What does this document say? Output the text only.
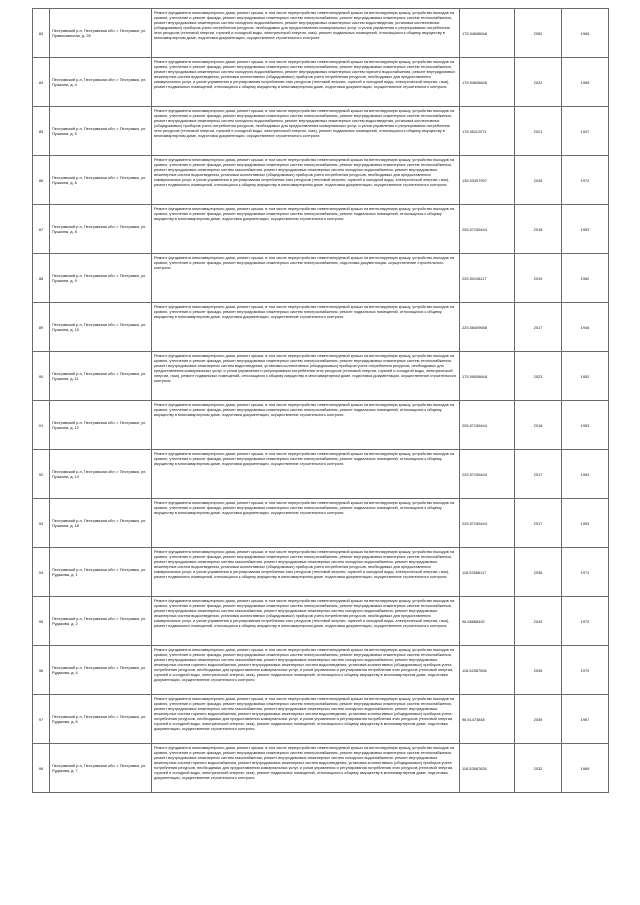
83	Пестравский р-н, Пестравская обл, г. Пестравка, ул. Привокзальная, д. 28	Ремонт фундамента многоквартирного дома, ремонт крыши, в том числе переустройство невентилируемой крыши на вентилируемую крышу, устройство выходов на кровлю, утепление и ремонт фасада, ремонт внутридомовых инженерных систем электроснабжения, ремонт внутридомовых инженерных систем теплоснабжения, ремонт внутридомовых инженерных систем холодного водоснабжения, ремонт внутридомовых инженерных систем водоотведения, установка коллективных (общедомовых) приборов учета потребления ресурсов, необходимых для предоставления коммунальных услуг, и узлов управления и регулирования потребления этих ресурсов (тепловой энергии, горячей и холодной воды, электрической энергии, газа), ремонт подвальных помещений, относящихся к общему имуществу в многоквартирном доме, подготовка документации, осуществление строительного контроля	175.94696848	2052	1965
84	Пестравский р-н, Пестравская обл, г. Пестравка, ул. Пушкина, д. 4	Ремонт фундамента многоквартирного дома, ремонт крыши, в том числе переустройство невентилируемой крыши на вентилируемую крышу, устройство выходов на кровлю, утепление и ремонт фасада, ремонт внутридомовых инженерных систем электроснабжения, ремонт внутридомовых инженерных систем теплоснабжения, ремонт внутридомовых инженерных систем холодного водоснабжения, ремонт внутридомовых инженерных систем горячего водоснабжения, ремонт внутридомовых инженерных систем водоотведения, установка коллективных (общедомовых) приборов учета потребления ресурсов, необходимых для предоставления коммунальных услуг, и узлов управления и регулирования потребления этих ресурсов (тепловой энергии, горячей и холодной воды, электрической энергии, газа), ремонт подвальных помещений, относящихся к общему имуществу в многоквартирном доме, подготовка документации, осуществление строительного контроля	175.94696848	2022	1965
85	Пестравский р-н, Пестравская обл, г. Пестравка, ул. Пушкина, д. 5	Ремонт фундамента многоквартирного дома, ремонт крыши, в том числе переустройство невентилируемой крыши на вентилируемую крышу, устройство выходов на кровлю, утепление и ремонт фасада, ремонт внутридомовых инженерных систем электроснабжения, ремонт внутридомовых инженерных систем теплоснабжения, ремонт внутридомовых инженерных систем холодного водоснабжения, ремонт внутридомовых инженерных систем водоотведения, установка коллективных (общедомовых) приборов учета потребления ресурсов, необходимых для предоставления коммунальных услуг, и узлов управления и регулирования потребления этих ресурсов (тепловой энергии, горячей и холодной воды, электрической энергии, газа), ремонт подвальных помещений, относящихся к общему имуществу в многоквартирном доме, подготовка документации, осуществление строительного контроля	178.55112071	2021	1947
86	Пестравский р-н, Пестравская обл, г. Пестравка, ул. Пушкина, д. 6	Ремонт фундамента многоквартирного дома, ремонт крыши, в том числе переустройство невентилируемой крыши на вентилируемую крышу, устройство выходов на кровлю, утепление и ремонт фасада, ремонт внутридомовых инженерных систем электроснабжения, ремонт внутридомовых инженерных систем теплоснабжения, ремонт внутридомовых инженерных систем газоснабжения, ремонт внутридомовых инженерных систем холодного водоснабжения, ремонт внутридомовых инженерных систем водоотведения, установка коллективных (общедомовых) приборов учета потребления ресурсов, необходимых для предоставления коммунальных услуг, и узлов управления и регулирования потребления этих ресурсов (тепловой энергии, горячей и холодной воды, электрической энергии, газа), ремонт подвальных помещений, относящихся к общему имуществу в многоквартирном доме, подготовка документации, осуществление строительного контроля	135.53397997	2028	1972
87	Пестравский р-н, Пестравская обл, г. Пестравка, ул. Пушкина, д. 8	Ремонт фундамента многоквартирного дома, ремонт крыши, в том числе переустройство невентилируемой крыши на вентилируемую крышу, устройство выходов на кровлю, утепление и ремонт фасада, ремонт внутридомовых инженерных систем электроснабжения, ремонт подвальных помещений, относящихся к общему имуществу в многоквартирном доме, подготовка документации, осуществление строительного контроля	205.57159444	2018	1953
88	Пестравский р-н, Пестравская обл, г. Пестравка, ул. Пушкина, д. 9	Ремонт фундамента многоквартирного дома, ремонт крыши, в том числе переустройство невентилируемой крыши на вентилируемую крышу, устройство выходов на кровлю, утепление и ремонт фасада, ремонт внутридомовых инженерных систем электроснабжения, подготовка документации, осуществление строительного контроля	225.50108117	2019	1962
89	Пестравский р-н, Пестравская обл, г. Пестравка, ул. Пушкина, д. 10	Ремонт фундамента многоквартирного дома, ремонт крыши, в том числе переустройство невентилируемой крыши на вентилируемую крышу, устройство выходов на кровлю, утепление и ремонт фасада, ремонт внутридомовых инженерных систем электроснабжения, ремонт подвальных помещений, относящихся к общему имуществу в многоквартирном доме, подготовка документации, осуществление строительного контроля	225.58409658	2017	1946
90	Пестравский р-н, Пестравская обл, г. Пестравка, ул. Пушкина, д. 11	Ремонт фундамента многоквартирного дома, ремонт крыши, в том числе переустройство невентилируемой крыши на вентилируемую крышу, устройство выходов на кровлю, утепление и ремонт фасада, ремонт внутридомовых инженерных систем электроснабжения, ремонт внутридомовых инженерных систем теплоснабжения, ремонт внутридомовых инженерных систем водоотведения, установка коллективных (общедомовых) приборов учета потребления ресурсов, необходимых для предоставления коммунальных услуг, и узлов управления и регулирования потребления этих ресурсов (тепловой энергии, горячей и холодной воды, электрической энергии, газа), ремонт подвальных помещений, относящихся к общему имуществу в многоквартирном доме, подготовка документации, осуществление строительного контроля	175.59508848	2023	1952
91	Пестравский р-н, Пестравская обл, г. Пестравка, ул. Пушкина, д. 12	Ремонт фундамента многоквартирного дома, ремонт крыши, в том числе переустройство невентилируемой крыши на вентилируемую крышу, устройство выходов на кровлю, утепление и ремонт фасада, ремонт внутридомовых инженерных систем электроснабжения, ремонт подвальных помещений, относящихся к общему имуществу в многоквартирном доме, подготовка документации, осуществление строительного контроля	205.57159444	2018	1953
92	Пестравский р-н, Пестравская обл, г. Пестравка, ул. Пушкина, д. 14	Ремонт фундамента многоквартирного дома, ремонт крыши, в том числе переустройство невентилируемой крыши на вентилируемую крышу, устройство выходов на кровлю, утепление и ремонт фасада, ремонт внутридомовых инженерных систем электроснабжения, ремонт подвальных помещений, относящихся к общему имуществу в многоквартирном доме, подготовка документации, осуществление строительного контроля	225.57159444	2017	1953
93	Пестравский р-н, Пестравская обл, г. Пестравка, ул. Пушкина, д. 16	Ремонт фундамента многоквартирного дома, ремонт крыши, в том числе переустройство невентилируемой крыши на вентилируемую крышу, устройство выходов на кровлю, утепление и ремонт фасада, ремонт внутридомовых инженерных систем электроснабжения, ремонт подвальных помещений, относящихся к общему имуществу в многоквартирном доме, подготовка документации, осуществление строительного контроля	225.57159444	2017	1953
94	Пестравский р-н, Пестравская обл, г. Пестравка, ул. Рудакова, д. 1	Ремонт фундамента многоквартирного дома, ремонт крыши, в том числе переустройство невентилируемой крыши на вентилируемую крышу, устройство выходов на кровлю, утепление и ремонт фасада, ремонт внутридомовых инженерных систем электроснабжения, ремонт внутридомовых инженерных систем теплоснабжения, ремонт внутридомовых инженерных систем газоснабжения, ремонт внутридомовых инженерных систем холодного водоснабжения, ремонт внутридомовых инженерных систем водоотведения, установка коллективных (общедомовых) приборов учета потребления ресурсов, необходимых для предоставления коммунальных услуг, и узлов управления и регулирования потребления этих ресурсов (тепловой энергии, горячей и холодной воды, электрической энергии, газа), ремонт подвальных помещений, относящихся к общему имуществу в многоквартирном доме, подготовка документации, осуществление строительного контроля	118.52688117	2036	1971
95	Пестравский р-н, Пестравская обл, г. Пестравка, ул. Рудакова, д. 2	Ремонт фундамента многоквартирного дома, ремонт крыши, в том числе переустройство невентилируемой крыши на вентилируемую крышу, устройство выходов на кровлю, утепление и ремонт фасада, ремонт внутридомовых инженерных систем электроснабжения, ремонт внутридомовых инженерных систем теплоснабжения, ремонт внутридомовых инженерных систем газоснабжения, ремонт внутридомовых инженерных систем холодного водоснабжения, ремонт внутридомовых инженерных систем водоотведения, установка коллективных (общедомовых) приборов учета потребления ресурсов, необходимых для предоставления коммунальных услуг, и узлов управления и регулирования потребления этих ресурсов (тепловой энергии, горячей и холодной воды, электрической энергии, газа), ремонт подвальных помещений, относящихся к общему имуществу в многоквартирном доме, подготовка документации, осуществление строительного контроля	96.58888492	2043	1972
96	Пестравский р-н, Пестравская обл, г. Пестравка, ул. Рудакова, д. 4	Ремонт фундамента многоквартирного дома, ремонт крыши, в том числе переустройство невентилируемой крыши на вентилируемую крышу, устройство выходов на кровлю, утепление и ремонт фасада, ремонт внутридомовых инженерных систем электроснабжения, ремонт внутридомовых инженерных систем теплоснабжения, ремонт внутридомовых инженерных систем газоснабжения, ремонт внутридомовых инженерных систем холодного водоснабжения, ремонт внутридомовых инженерных систем горячего водоснабжения, ремонт внутридомовых инженерных систем водоотведения, установка коллективных (общедомовых) приборов учета потребления ресурсов, необходимых для предоставления коммунальных услуг, и узлов управления и регулирования потребления этих ресурсов (тепловой энергии, горячей и холодной воды, электрической энергии, газа), ремонт подвальных помещений, относящихся к общему имуществу в многоквартирном доме, подготовка документации, осуществление строительного контроля	118.52587508	2035	1970
97	Пестравский р-н, Пестравская обл, г. Пестравка, ул. Рудакова, д. 6	Ремонт фундамента многоквартирного дома, ремонт крыши, в том числе переустройство невентилируемой крыши на вентилируемую крышу, устройство выходов на кровлю, утепление и ремонт фасада, ремонт внутридомовых инженерных систем электроснабжения, ремонт внутридомовых инженерных систем теплоснабжения, ремонт внутридомовых инженерных систем газоснабжения, ремонт внутридомовых инженерных систем холодного водоснабжения, ремонт внутридомовых инженерных систем горячего водоснабжения, ремонт внутридомовых инженерных систем водоотведения, установка коллективных (общедомовых) приборов учета потребления ресурсов, необходимых для предоставления коммунальных услуг, и узлов управления и регулирования потребления этих ресурсов (тепловой энергии, горячей и холодной воды, электрической энергии, газа), ремонт подвальных помещений, относящихся к общему имуществу в многоквартирном доме, подготовка документации, осуществление строительного контроля	96.51473848	2039	1967
98	Пестравский р-н, Пестравская обл, г. Пестравка, ул. Рудакова, д. 7	Ремонт фундамента многоквартирного дома, ремонт крыши, в том числе переустройство невентилируемой крыши на вентилируемую крышу, устройство выходов на кровлю, утепление и ремонт фасада, ремонт внутридомовых инженерных систем электроснабжения, ремонт внутридомовых инженерных систем теплоснабжения, ремонт внутридомовых инженерных систем газоснабжения, ремонт внутридомовых инженерных систем холодного водоснабжения, ремонт внутридомовых инженерных систем горячего водоснабжения, ремонт внутридомовых инженерных систем водоотведения, установка коллективных (общедомовых) приборов учета потребления ресурсов, необходимых для предоставления коммунальных услуг, и узлов управления и регулирования потребления этих ресурсов (тепловой энергии, горячей и холодной воды, электрической энергии, газа), ремонт подвальных помещений, относящихся к общему имуществу в многоквартирном доме, подготовка документации, осуществление строительного контроля	118.52687628	2032	1969
